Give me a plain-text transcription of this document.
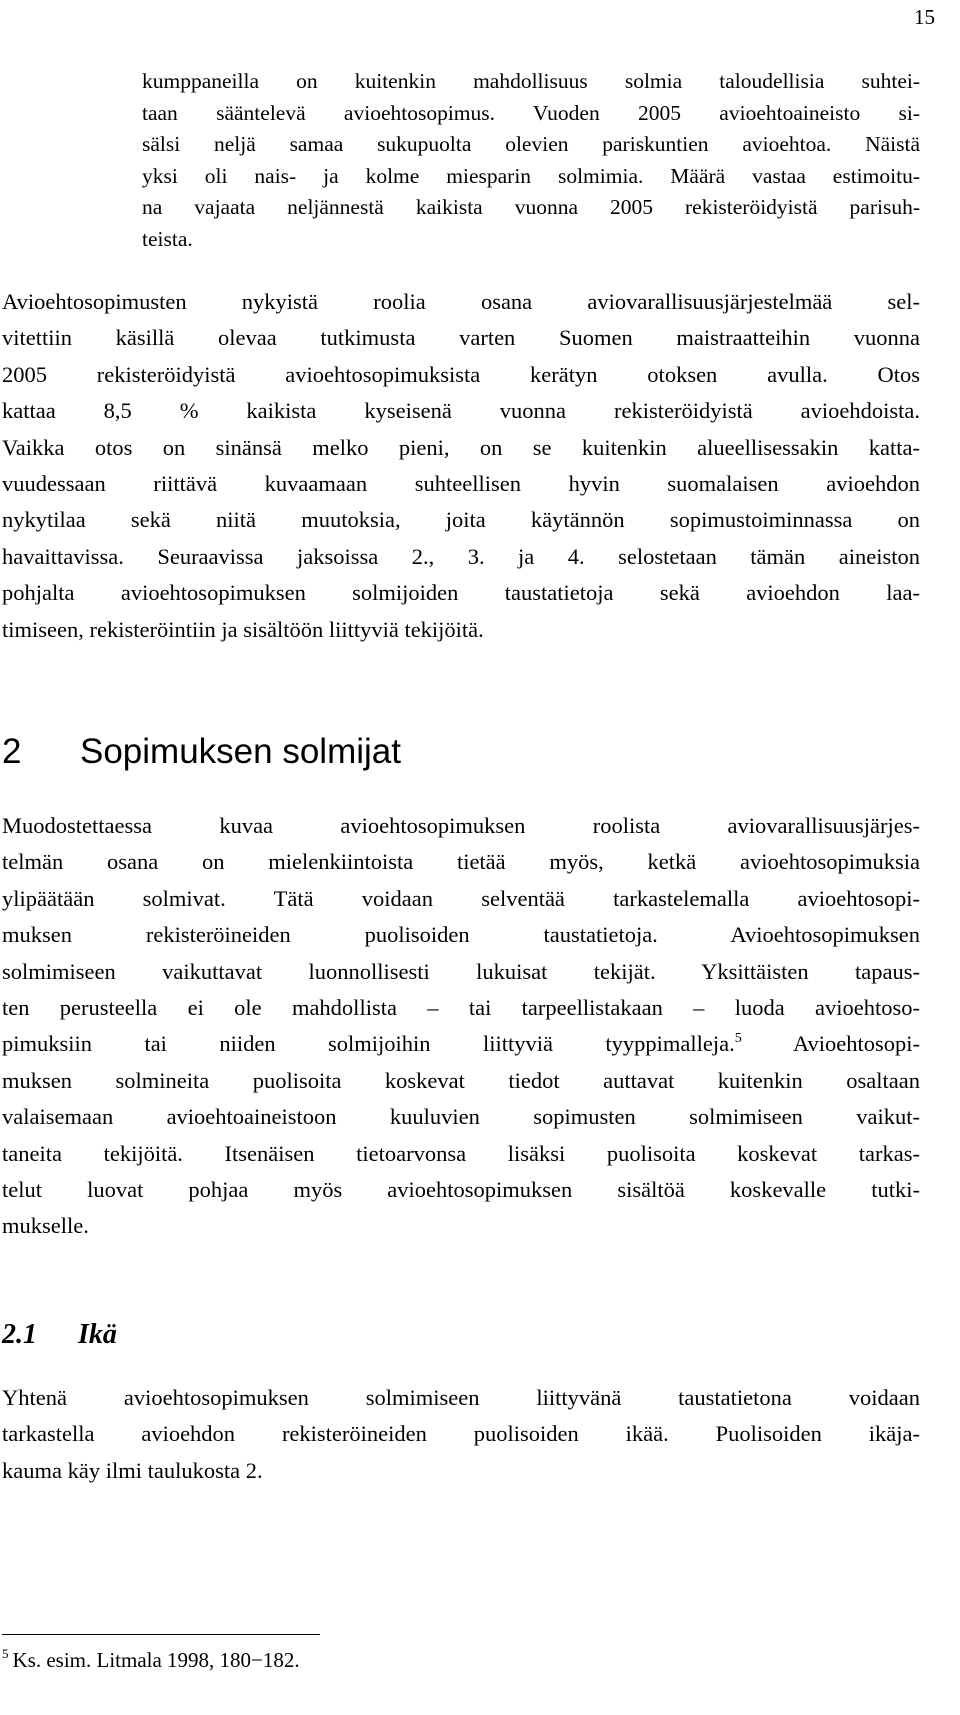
15
kumppaneilla on kuitenkin mahdollisuus solmia taloudellisia suhtei-
taan sääntelevä avioehtosopimus. Vuoden 2005 avioehtoaineisto si-
sälsi neljä samaa sukupuolta olevien pariskuntien avioehtoa. Näistä
yksi oli nais- ja kolme miesparin solmimia. Määrä vastaa estimoitu-
na vajaata neljännestä kaikista vuonna 2005 rekisteröidyistä parisuh-
teista.
Avioehtosopimusten nykyistä roolia osana aviovarallisuusjärjestelmää sel-
vitettiin käsillä olevaa tutkimusta varten Suomen maistraatteihin vuonna
2005 rekisteröidyistä avioehtosopimuksista kerätyn otoksen avulla. Otos
kattaa 8,5 % kaikista kyseisenä vuonna rekisteröidyistä avioehdoista.
Vaikka otos on sinänsä melko pieni, on se kuitenkin alueellisessakin katta-
vuudessaan riittävä kuvaamaan suhteellisen hyvin suomalaisen avioehdon
nykytilaa sekä niitä muutoksia, joita käytännön sopimustoiminnassa on
havaittavissa. Seuraavissa jaksoissa 2., 3. ja 4. selostetaan tämän aineiston
pohjalta avioehtosopimuksen solmijoiden taustatietoja sekä avioehdon laa-
timiseen, rekisteröintiin ja sisältöön liittyviä tekijöitä.
2 Sopimuksen solmijat
Muodostettaessa kuvaa avioehtosopimuksen roolista aviovarallisuusjärjes-
telmän osana on mielenkiintoista tietää myös, ketkä avioehtosopimuksia
ylipäätään solmivat. Tätä voidaan selventää tarkastelemalla avioehtosopi-
muksen rekisteröineiden puolisoiden taustatietoja. Avioehtosopimuksen
solmimiseen vaikuttavat luonnollisesti lukuisat tekijät. Yksittäisten tapaus-
ten perusteella ei ole mahdollista – tai tarpeellistakaan – luoda avioehtoso-
pimuksiin tai niiden solmijoihin liittyviä tyyppimalleja.$^5$ Avioehtosopi-
muksen solmineita puolisoita koskevat tiedot auttavat kuitenkin osaltaan
valaisemaan avioehtoaineistoon kuuluvien sopimusten solmimiseen vaikut-
taneita tekijöitä. Itsenäisen tietoarvonsa lisäksi puolisoita koskevat tarkas-
telut luovat pohjaa myös avioehtosopimuksen sisältöä koskevalle tutki-
mukselle.
2.1 Ikä
Yhtenä avioehtosopimuksen solmimiseen liittyvänä taustatietona voidaan
tarkastella avioehdon rekisteröineiden puolisoiden ikää. Puolisoiden ikäja-
kauma käy ilmi taulukosta 2.
$^5$ Ks. esim. Litmala 1998, 180−182.
